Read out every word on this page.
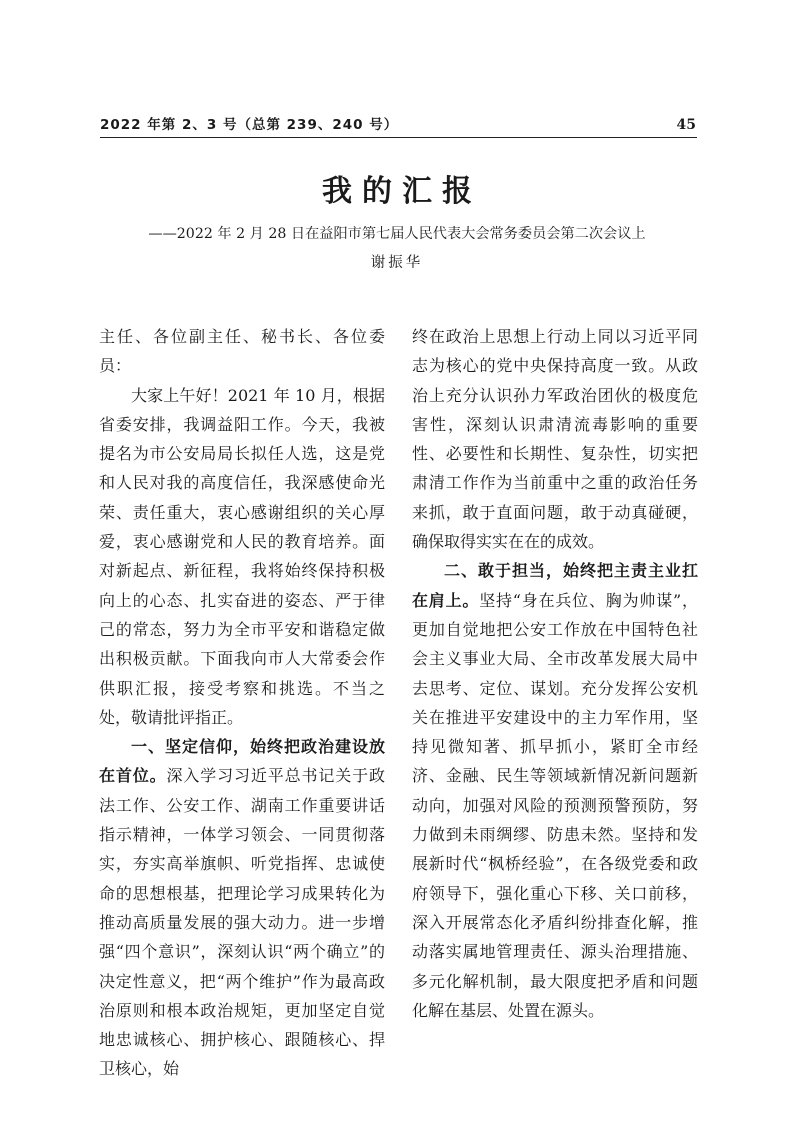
2022 年第 2、3 号（总第 239、240 号）	45
我的汇报
——2022 年 2 月 28 日在益阳市第七届人民代表大会常务委员会第二次会议上
谢振华

主任、各位副主任、秘书长、各位委员：

大家上午好！2021 年 10 月，根据省委安排，我调益阳工作。今天，我被提名为市公安局局长拟任人选，这是党和人民对我的高度信任，我深感使命光荣、责任重大，衷心感谢组织的关心厚爱，衷心感谢党和人民的教育培养。面对新起点、新征程，我将始终保持积极向上的心态、扎实奋进的姿态、严于律己的常态，努力为全市平安和谐稳定做出积极贡献。下面我向市人大常委会作供职汇报，接受考察和挑选。不当之处，敬请批评指正。

一、坚定信仰，始终把政治建设放在首位。深入学习习近平总书记关于政法工作、公安工作、湖南工作重要讲话指示精神，一体学习领会、一同贯彻落实，夯实高举旗帜、听党指挥、忠诚使命的思想根基，把理论学习成果转化为推动高质量发展的强大动力。进一步增强“四个意识”，深刻认识“两个确立”的决定性意义，把“两个维护”作为最高政治原则和根本政治规矩，更加坚定自觉地忠诚核心、拥护核心、跟随核心、捍卫核心，始

终在政治上思想上行动上同以习近平同志为核心的党中央保持高度一致。从政治上充分认识孙力军政治团伙的极度危害性，深刻认识肃清流毒影响的重要性、必要性和长期性、复杂性，切实把肃清工作作为当前重中之重的政治任务来抓，敢于直面问题，敢于动真碰硬，确保取得实实在在的成效。

二、敢于担当，始终把主责主业扛在肩上。坚持“身在兵位、胸为帅谋”，更加自觉地把公安工作放在中国特色社会主义事业大局、全市改革发展大局中去思考、定位、谋划。充分发挥公安机关在推进平安建设中的主力军作用，坚持见微知著、抓早抓小，紧盯全市经济、金融、民生等领域新情况新问题新动向，加强对风险的预测预警预防，努力做到未雨绸缪、防患未然。坚持和发展新时代“枫桥经验”，在各级党委和政府领导下，强化重心下移、关口前移，深入开展常态化矛盾纠纷排查化解，推动落实属地管理责任、源头治理措施、多元化解机制，最大限度把矛盾和问题化解在基层、处置在源头。
